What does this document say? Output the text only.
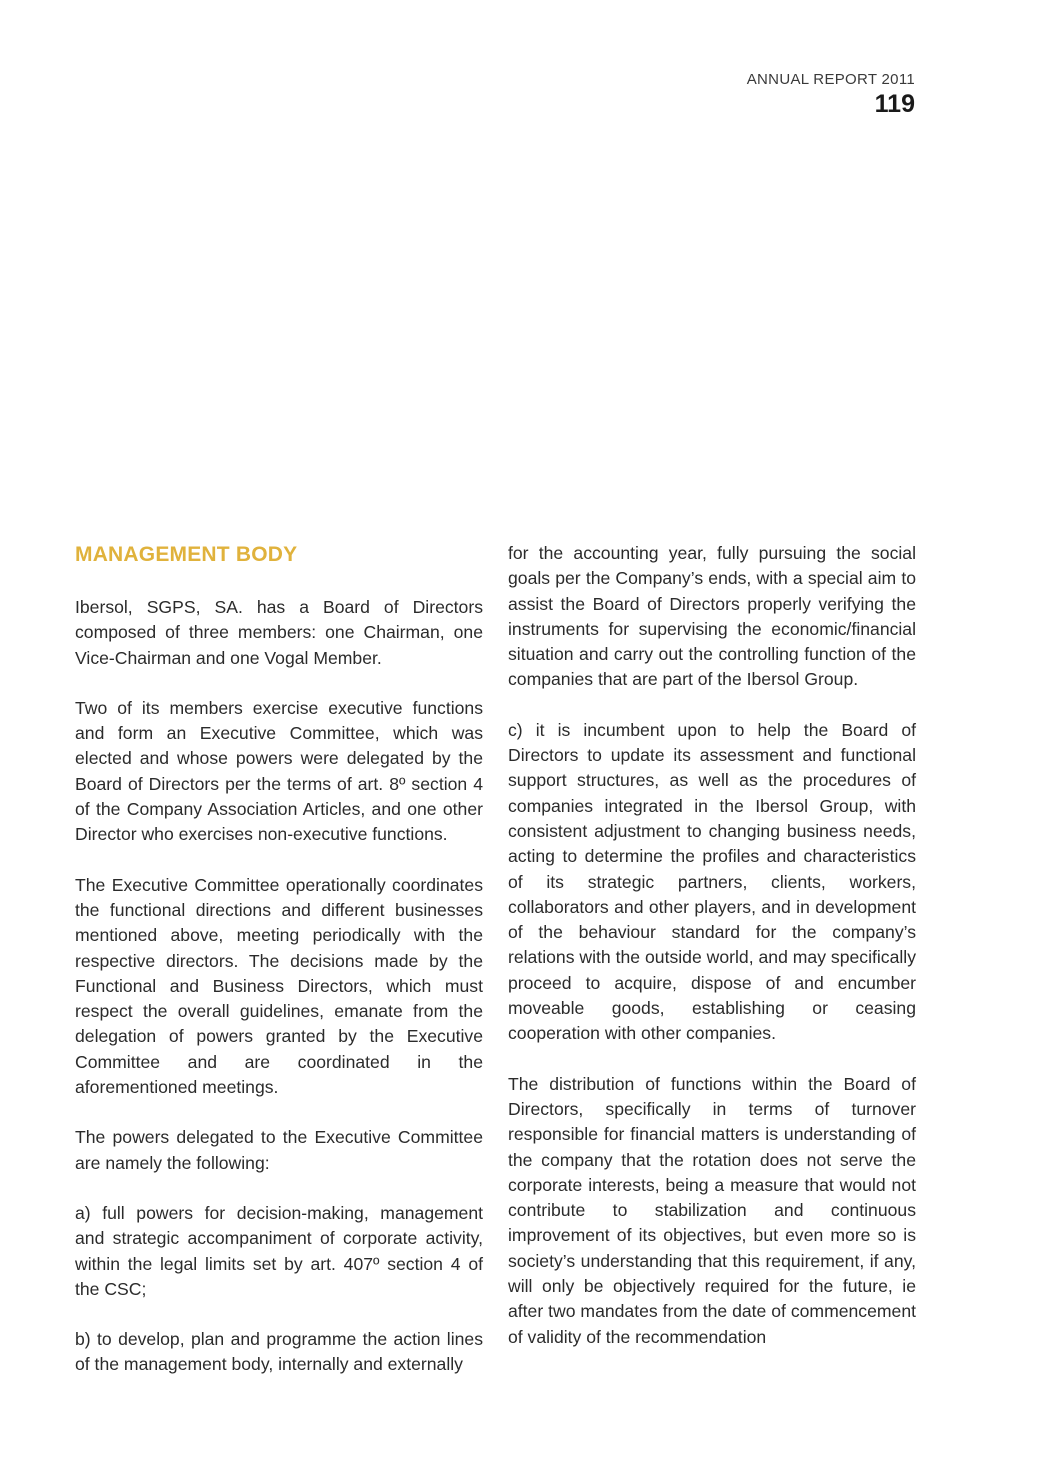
ANNUAL REPORT 2011
119
MANAGEMENT BODY

Ibersol, SGPS, SA. has a Board of Directors composed of three members: one Chairman, one Vice-Chairman and one Vogal Member.

Two of its members exercise executive functions and form an Executive Committee, which was elected and whose powers were delegated by the Board of Directors per the terms of art. 8º section 4 of the Company Association Articles, and one other Director who exercises non-executive functions.

The Executive Committee operationally coordinates the functional directions and different businesses mentioned above, meeting periodically with the respective directors. The decisions made by the Functional and Business Directors, which must respect the overall guidelines, emanate from the delegation of powers granted by the Executive Committee and are coordinated in the aforementioned meetings.

The powers delegated to the Executive Committee are namely the following:

a) full powers for decision-making, management and strategic accompaniment of corporate activity, within the legal limits set by art. 407º section 4 of the CSC;

b) to develop, plan and programme the action lines of the management body, internally and externally

for the accounting year, fully pursuing the social goals per the Company’s ends, with a special aim to assist the Board of Directors properly verifying the instruments for supervising the economic/financial situation and carry out the controlling function of the companies that are part of the Ibersol Group.

c) it is incumbent upon to help the Board of Directors to update its assessment and functional support structures, as well as the procedures of companies integrated in the Ibersol Group, with consistent adjustment to changing business needs, acting to determine the profiles and characteristics of its strategic partners, clients, workers, collaborators and other players, and in development of the behaviour standard for the company’s relations with the outside world, and may specifically proceed to acquire, dispose of and encumber moveable goods, establishing or ceasing cooperation with other companies.

The distribution of functions within the Board of Directors, specifically in terms of turnover responsible for financial matters is understanding of the company that the rotation does not serve the corporate interests, being a measure that would not contribute to stabilization and continuous improvement of its objectives, but even more so is society’s understanding that this requirement, if any, will only be objectively required for the future, ie after two mandates from the date of commencement of validity of the recommendation
